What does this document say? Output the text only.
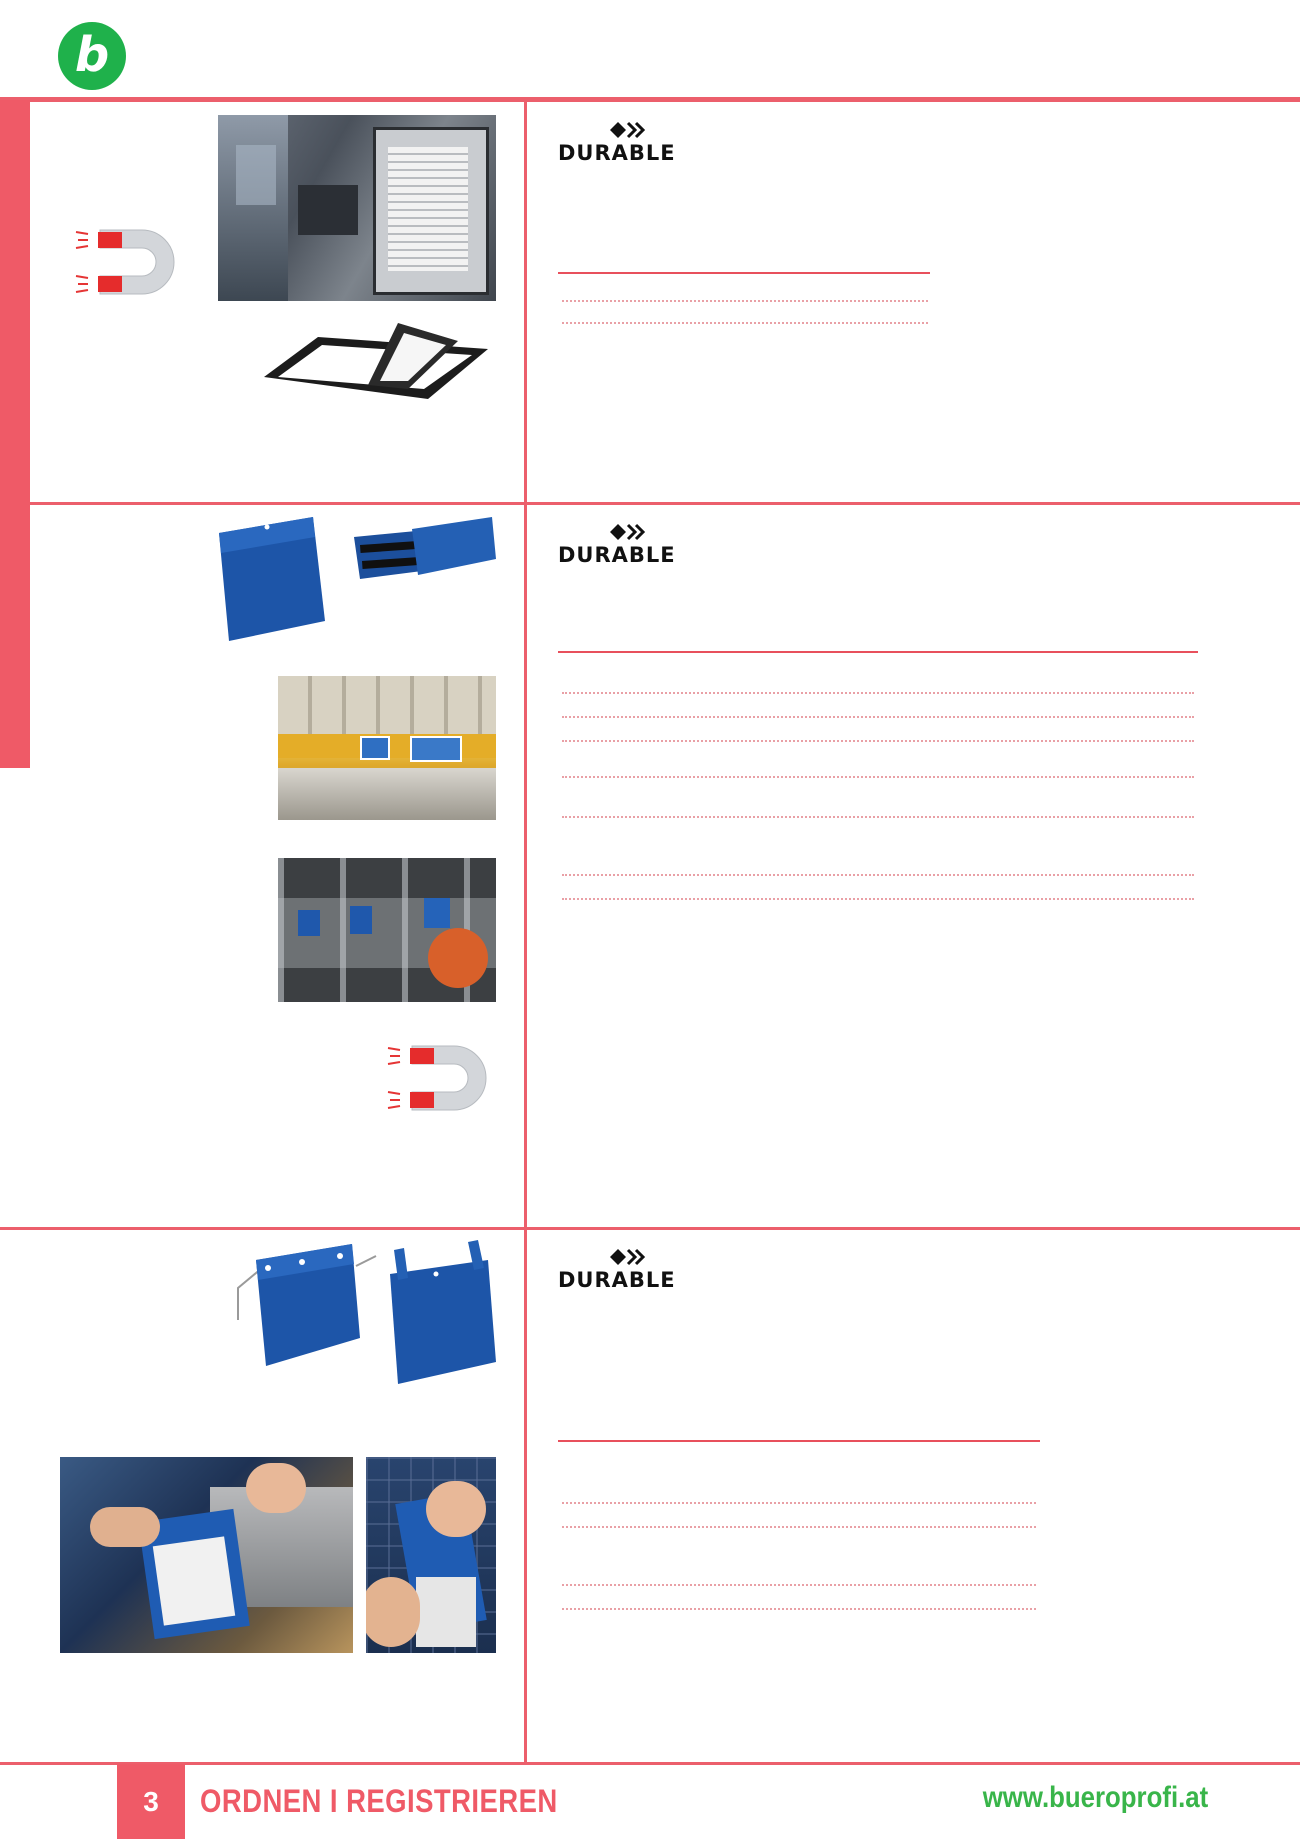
b
DURABLE
DURABLE
DURABLE
3	ORDNEN I REGISTRIEREN	www.bueroprofi.at
